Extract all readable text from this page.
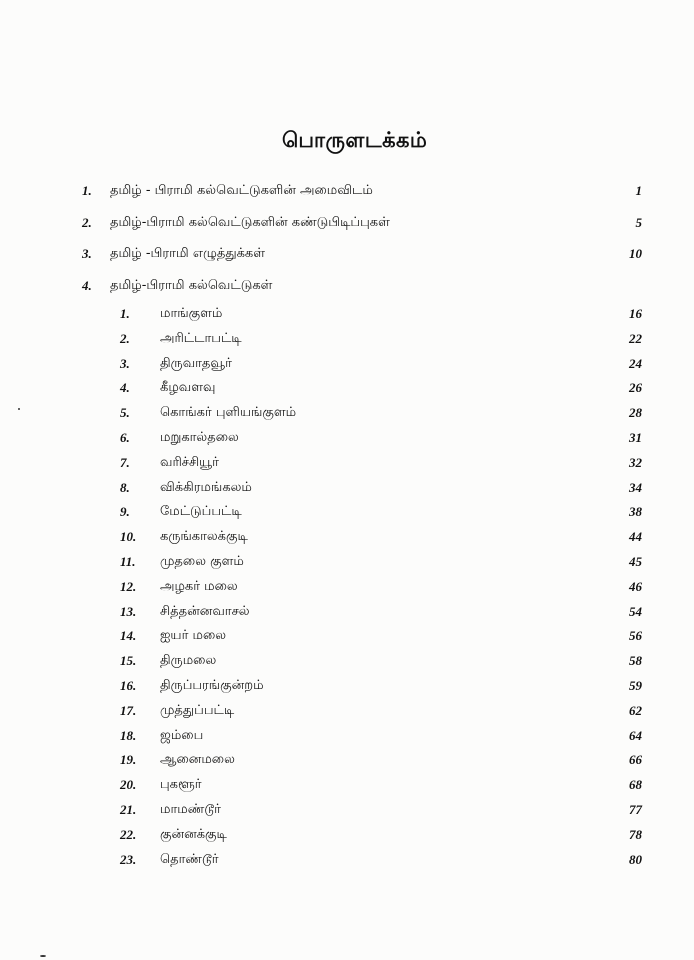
பொருளடக்கம்
1. தமிழ் - பிராமி கல்வெட்டுகளின் அமைவிடம்	1
2. தமிழ்-பிராமி கல்வெட்டுகளின் கண்டுபிடிப்புகள்	5
3. தமிழ் -பிராமி எழுத்துக்கள்	10
4. தமிழ்-பிராமி கல்வெட்டுகள்
1. மாங்குளம்	16
2. அரிட்டாபட்டி	22
3. திருவாதவூர்	24
4. கீழவளவு	26
5. கொங்கர் புளியங்குளம்	28
6. மறுகால்தலை	31
7. வரிச்சியூர்	32
8. விக்கிரமங்கலம்	34
9. மேட்டுப்பட்டி	38
10. கருங்காலக்குடி	44
11. முதலை குளம்	45
12. அழகர் மலை	46
13. சித்தன்னவாசல்	54
14. ஐயர் மலை	56
15. திருமலை	58
16. திருப்பரங்குன்றம்	59
17. முத்துப்பட்டி	62
18. ஜம்பை	64
19. ஆனைமலை	66
20. புகளூர்	68
21. மாமண்டூர்	77
22. குன்னக்குடி	78
23. தொண்டூர்	80
